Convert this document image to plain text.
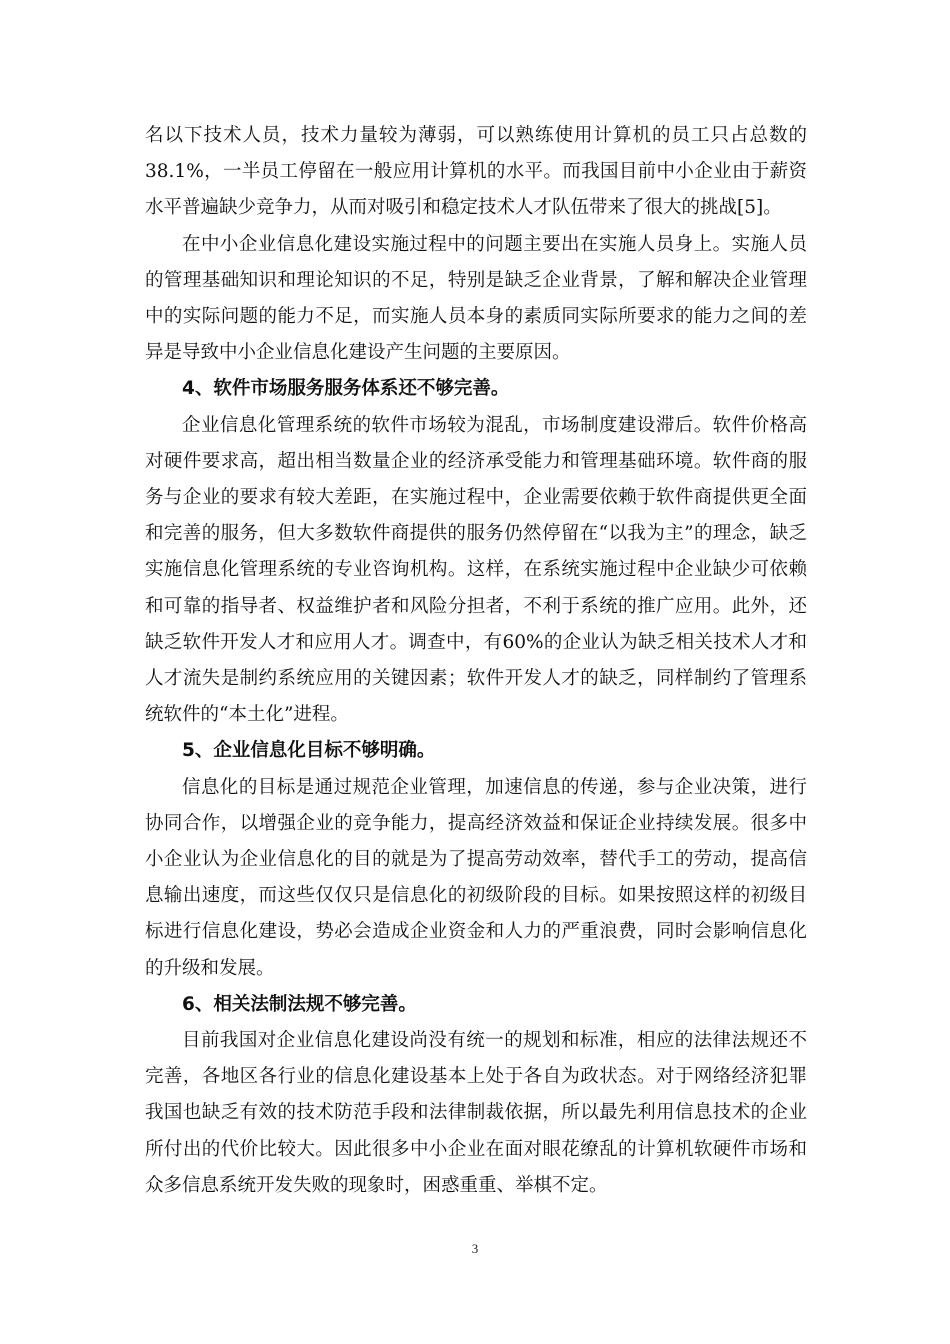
名以下技术人员，技术力量较为薄弱，可以熟练使用计算机的员工只占总数的38.1%，一半员工停留在一般应用计算机的水平。而我国目前中小企业由于薪资水平普遍缺少竞争力，从而对吸引和稳定技术人才队伍带来了很大的挑战[5]。

在中小企业信息化建设实施过程中的问题主要出在实施人员身上。实施人员的管理基础知识和理论知识的不足，特别是缺乏企业背景，了解和解决企业管理中的实际问题的能力不足，而实施人员本身的素质同实际所要求的能力之间的差异是导致中小企业信息化建设产生问题的主要原因。

4、软件市场服务服务体系还不够完善。

企业信息化管理系统的软件市场较为混乱，市场制度建设滞后。软件价格高对硬件要求高，超出相当数量企业的经济承受能力和管理基础环境。软件商的服务与企业的要求有较大差距，在实施过程中，企业需要依赖于软件商提供更全面和完善的服务，但大多数软件商提供的服务仍然停留在“以我为主”的理念，缺乏实施信息化管理系统的专业咨询机构。这样，在系统实施过程中企业缺少可依赖和可靠的指导者、权益维护者和风险分担者，不利于系统的推广应用。此外，还缺乏软件开发人才和应用人才。调查中，有60%的企业认为缺乏相关技术人才和人才流失是制约系统应用的关键因素；软件开发人才的缺乏，同样制约了管理系统软件的“本土化”进程。

5、企业信息化目标不够明确。

信息化的目标是通过规范企业管理，加速信息的传递，参与企业决策，进行协同合作，以增强企业的竞争能力，提高经济效益和保证企业持续发展。很多中小企业认为企业信息化的目的就是为了提高劳动效率，替代手工的劳动，提高信息输出速度，而这些仅仅只是信息化的初级阶段的目标。如果按照这样的初级目标进行信息化建设，势必会造成企业资金和人力的严重浪费，同时会影响信息化的升级和发展。

6、相关法制法规不够完善。

目前我国对企业信息化建设尚没有统一的规划和标准，相应的法律法规还不完善，各地区各行业的信息化建设基本上处于各自为政状态。对于网络经济犯罪我国也缺乏有效的技术防范手段和法律制裁依据，所以最先利用信息技术的企业所付出的代价比较大。因此很多中小企业在面对眼花缭乱的计算机软硬件市场和众多信息系统开发失败的现象时，困惑重重、举棋不定。

3
